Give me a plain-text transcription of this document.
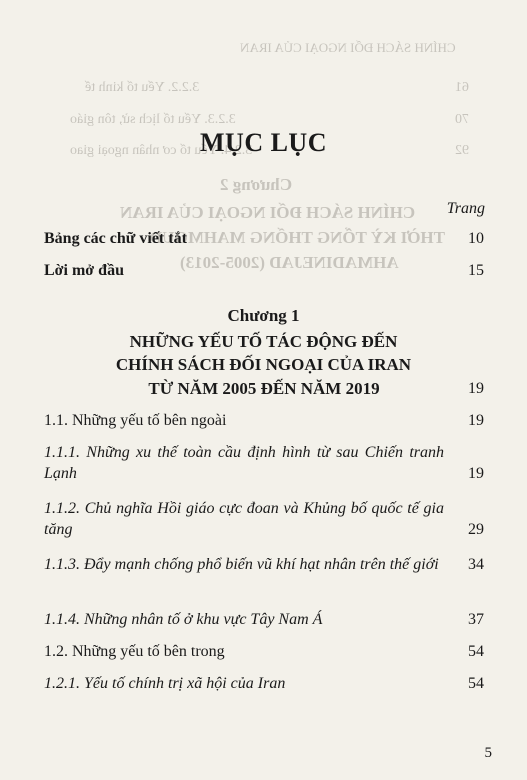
CHÍNH SÁCH ĐỐI NGOẠI CỦA IRAN
3.2.2. Yếu tố kinh tế	61
3.2.3. Yếu tố lịch sử, tôn giáo	70
3.2.4. Yếu tố cơ nhân ngoại giao	92
Chương 2
CHÍNH SÁCH ĐỐI NGOẠI CỦA IRAN
THỜI KỲ TỔNG THỐNG MAHMOUD
AHMADINEJAD (2005-2013)
MỤC LỤC
Trang
Bảng các chữ viết tắt	10
Lời mở đầu	15
Chương 1
NHỮNG YẾU TỐ TÁC ĐỘNG ĐẾN
CHÍNH SÁCH ĐỐI NGOẠI CỦA IRAN
TỪ NĂM 2005 ĐẾN NĂM 2019	19
1.1. Những yếu tố bên ngoài	19
1.1.1. Những xu thế toàn cầu định hình từ sau Chiến tranh Lạnh	19
1.1.2. Chủ nghĩa Hồi giáo cực đoan và Khủng bố quốc tế gia tăng	29
1.1.3. Đẩy mạnh chống phổ biến vũ khí hạt nhân trên thế giới	34
1.1.4. Những nhân tố ở khu vực Tây Nam Á	37
1.2. Những yếu tố bên trong	54
1.2.1. Yếu tố chính trị xã hội của Iran	54
5
